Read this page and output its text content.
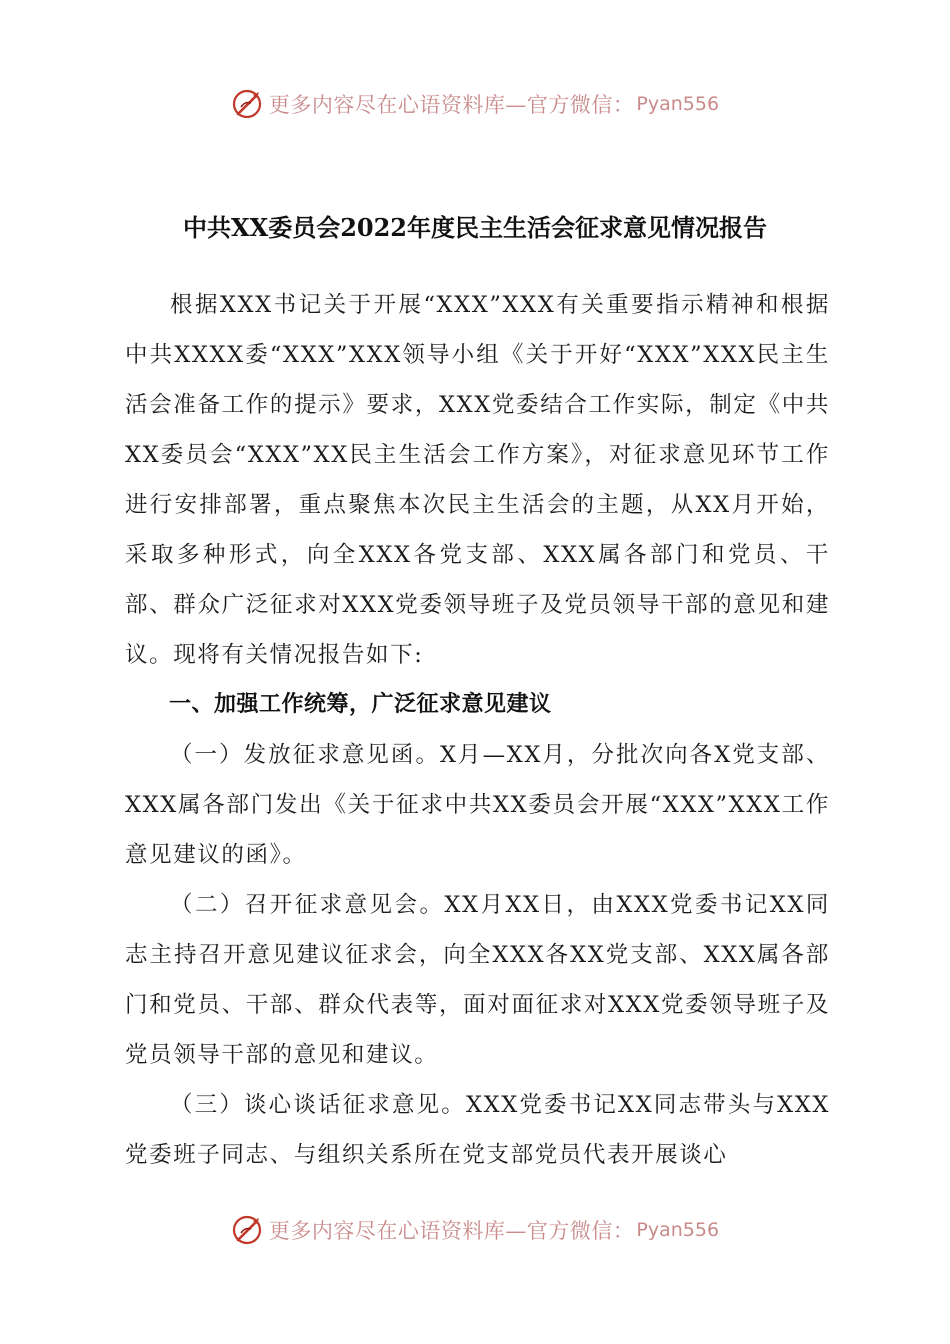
更多内容尽在心语资料库—官方微信： Pyan556
中共XX委员会2022年度民主生活会征求意见情况报告

根据XXX书记关于开展“XXX”XXX有关重要指示精神和根据中共XXXX委“XXX”XXX领导小组《关于开好“XXX”XXX民主生活会准备工作的提示》要求，XXX党委结合工作实际，制定《中共XX委员会“XXX”XX民主生活会工作方案》，对征求意见环节工作进行安排部署，重点聚焦本次民主生活会的主题，从XX月开始，采取多种形式，向全XXX各党支部、XXX属各部门和党员、干部、群众广泛征求对XXX党委领导班子及党员领导干部的意见和建议。现将有关情况报告如下:

一、加强工作统筹，广泛征求意见建议

（一）发放征求意见函。X月—XX月，分批次向各X党支部、XXX属各部门发出《关于征求中共XX委员会开展“XXX”XXX工作意见建议的函》。

（二）召开征求意见会。XX月XX日，由XXX党委书记XX同志主持召开意见建议征求会，向全XXX各XX党支部、XXX属各部门和党员、干部、群众代表等，面对面征求对XXX党委领导班子及党员领导干部的意见和建议。

（三）谈心谈话征求意见。XXX党委书记XX同志带头与XXX党委班子同志、与组织关系所在党支部党员代表开展谈心

更多内容尽在心语资料库—官方微信： Pyan556
